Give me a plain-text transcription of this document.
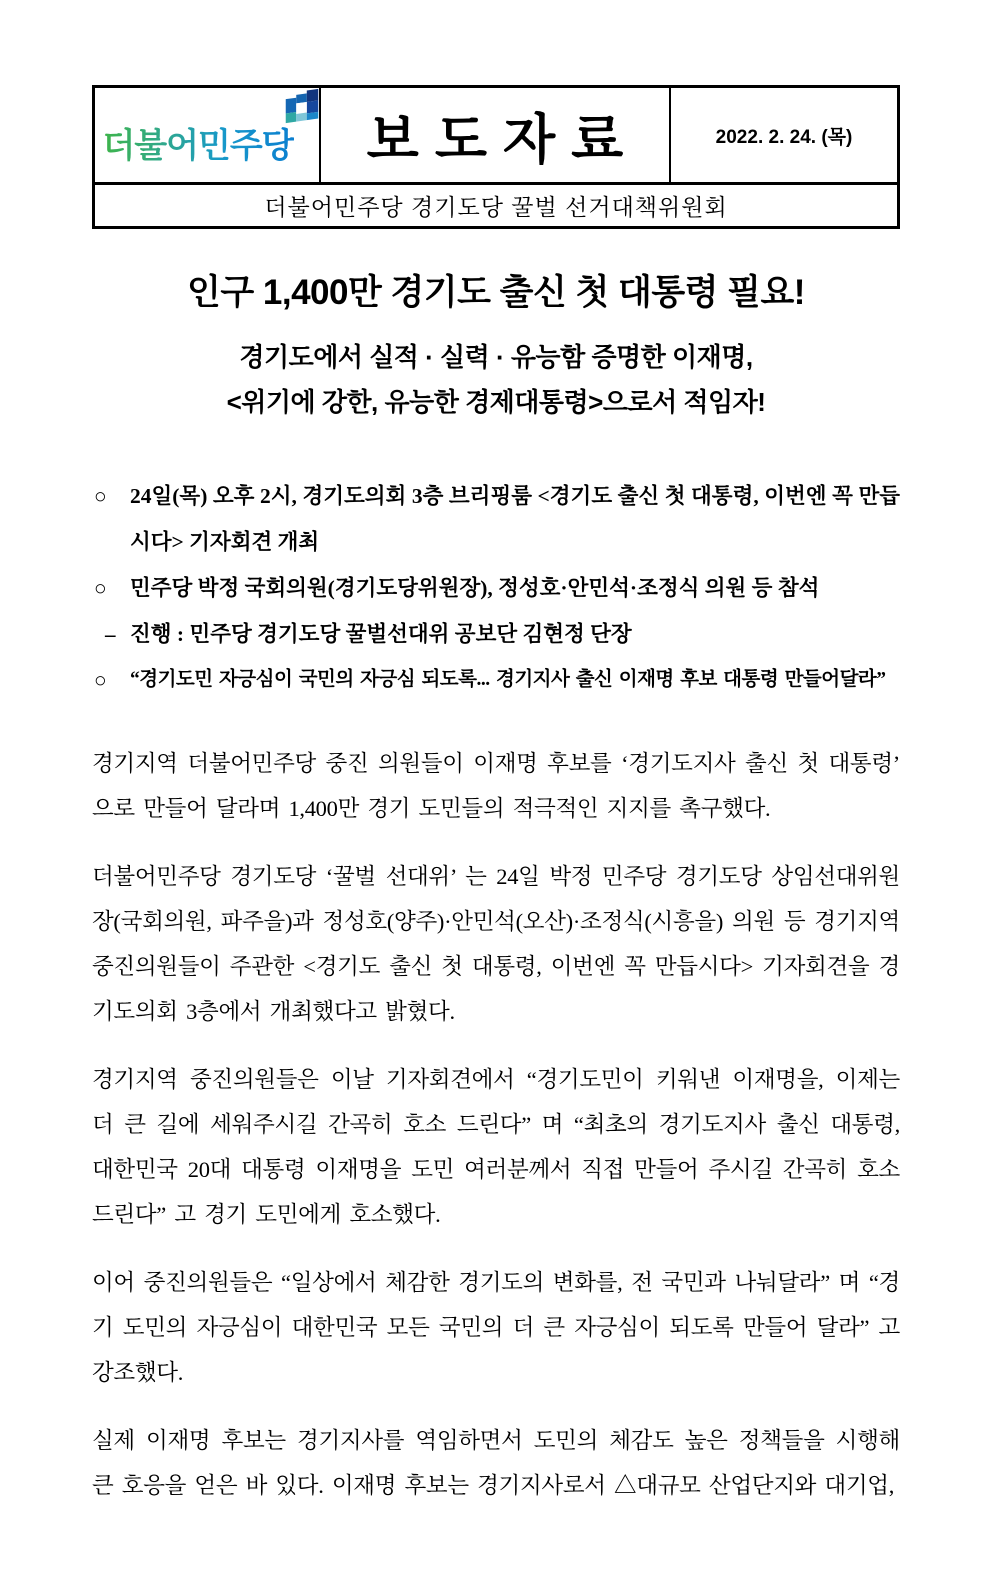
더불어민주당	보도자료	2022. 2. 24. (목)
더불어민주당 경기도당 꿀벌 선거대책위원회
인구 1,400만 경기도 출신 첫 대통령 필요!
경기도에서 실적 · 실력 · 유능함 증명한 이재명,
<위기에 강한, 유능한 경제대통령>으로서 적임자!

○ 24일(목) 오후 2시, 경기도의회 3층 브리핑룸 <경기도 출신 첫 대통령, 이번엔 꼭 만듭시다> 기자회견 개최

○ 민주당 박정 국회의원(경기도당위원장), 정성호·안민석·조정식 의원 등 참석

– 진행 : 민주당 경기도당 꿀벌선대위 공보단 김현정 단장

○ “경기도민 자긍심이 국민의 자긍심 되도록... 경기지사 출신 이재명 후보 대통령 만들어달라”

경기지역 더불어민주당 중진 의원들이 이재명 후보를 ‘경기도지사 출신 첫 대통령’ 으로 만들어 달라며 1,400만 경기 도민들의 적극적인 지지를 촉구했다.

더불어민주당 경기도당 ‘꿀벌 선대위’ 는 24일 박정 민주당 경기도당 상임선대위원장(국회의원, 파주을)과 정성호(양주)·안민석(오산)·조정식(시흥을) 의원 등 경기지역 중진의원들이 주관한 <경기도 출신 첫 대통령, 이번엔 꼭 만듭시다> 기자회견을 경기도의회 3층에서 개최했다고 밝혔다.

경기지역 중진의원들은 이날 기자회견에서 “경기도민이 키워낸 이재명을, 이제는 더 큰 길에 세워주시길 간곡히 호소 드린다” 며 “최초의 경기도지사 출신 대통령, 대한민국 20대 대통령 이재명을 도민 여러분께서 직접 만들어 주시길 간곡히 호소 드린다” 고 경기 도민에게 호소했다.

이어 중진의원들은 “일상에서 체감한 경기도의 변화를, 전 국민과 나눠달라” 며 “경기 도민의 자긍심이 대한민국 모든 국민의 더 큰 자긍심이 되도록 만들어 달라” 고 강조했다.

실제 이재명 후보는 경기지사를 역임하면서 도민의 체감도 높은 정책들을 시행해 큰 호응을 얻은 바 있다. 이재명 후보는 경기지사로서 △대규모 산업단지와 대기업,
